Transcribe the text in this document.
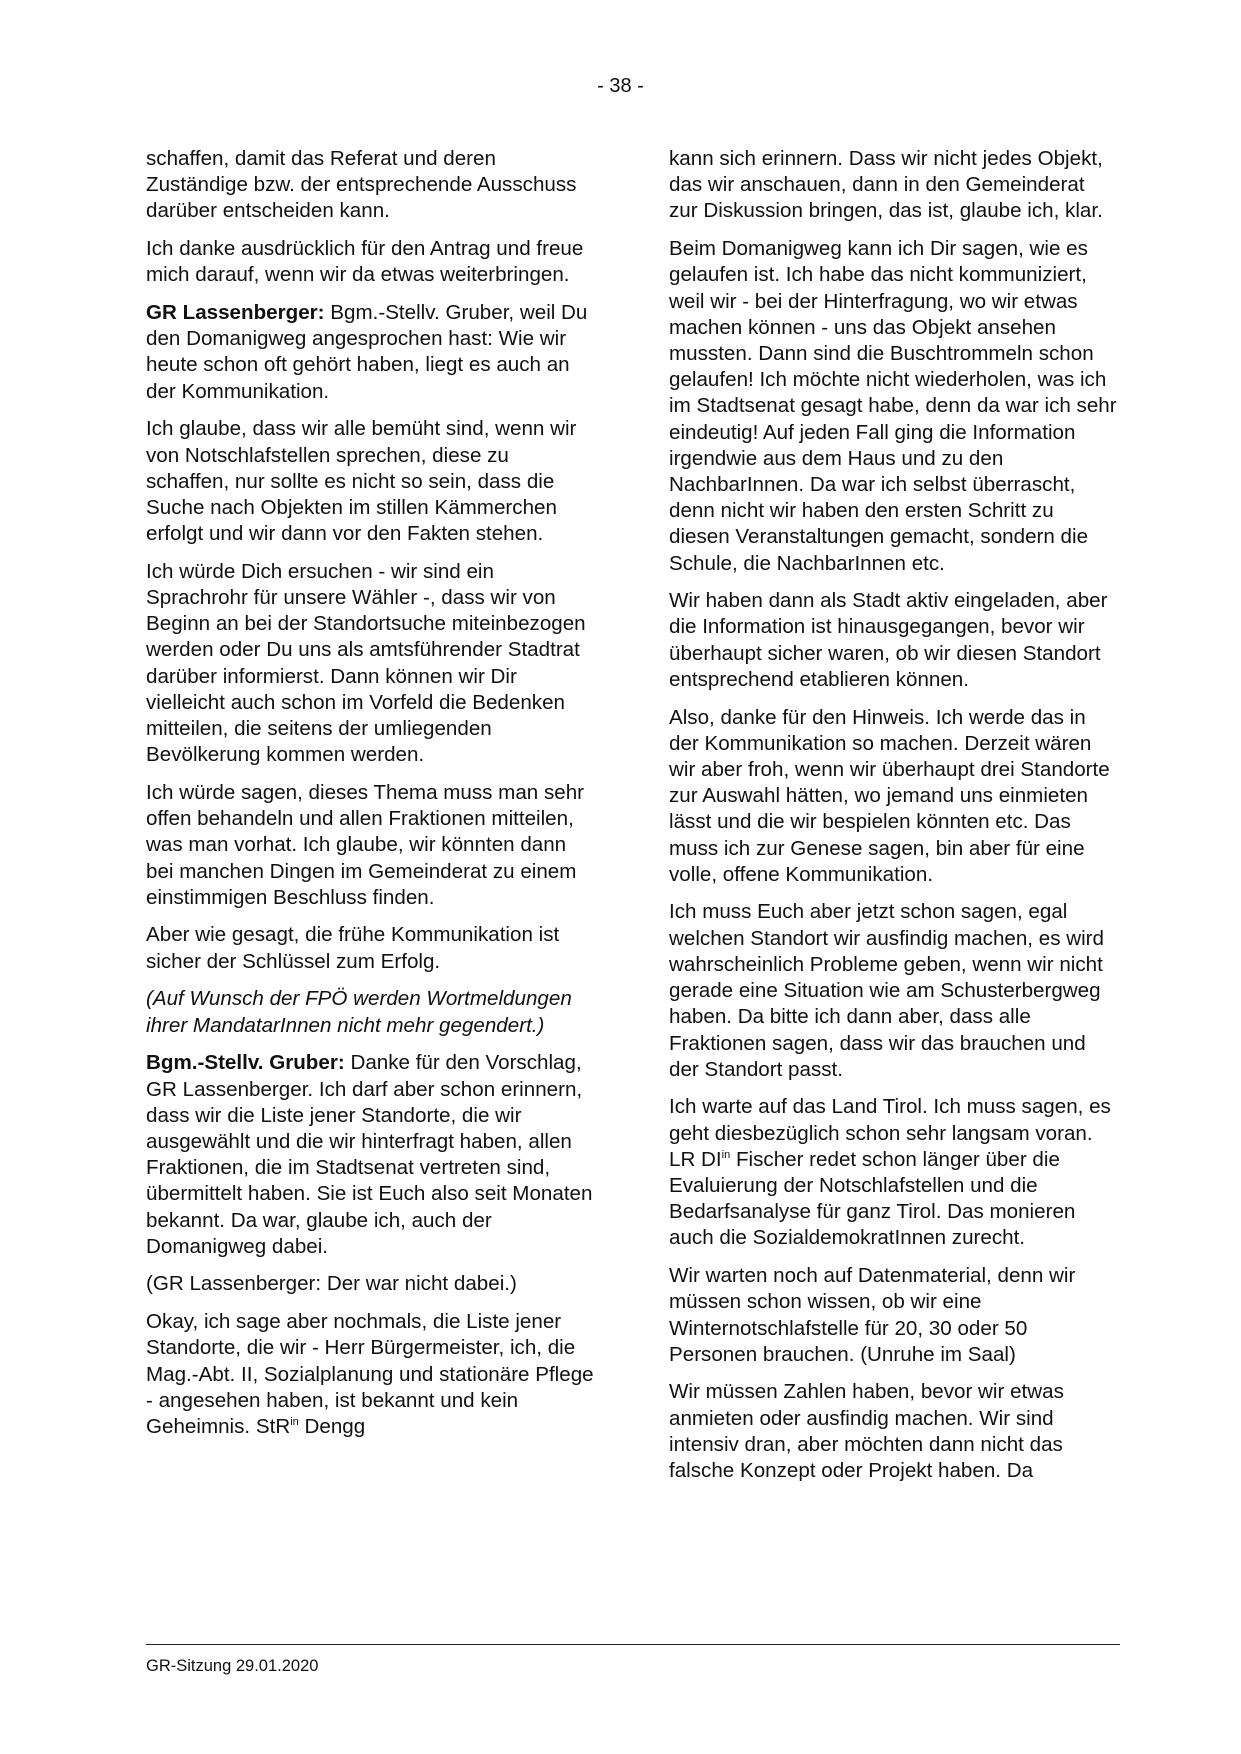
- 38 -

schaffen, damit das Referat und deren Zuständige bzw. der entsprechende Ausschuss darüber entscheiden kann.

Ich danke ausdrücklich für den Antrag und freue mich darauf, wenn wir da etwas weiterbringen.

GR Lassenberger: Bgm.-Stellv. Gruber, weil Du den Domanigweg angesprochen hast: Wie wir heute schon oft gehört haben, liegt es auch an der Kommunikation.

Ich glaube, dass wir alle bemüht sind, wenn wir von Notschlafstellen sprechen, diese zu schaffen, nur sollte es nicht so sein, dass die Suche nach Objekten im stillen Kämmerchen erfolgt und wir dann vor den Fakten stehen.

Ich würde Dich ersuchen - wir sind ein Sprachrohr für unsere Wähler -, dass wir von Beginn an bei der Standortsuche miteinbezogen werden oder Du uns als amtsführender Stadtrat darüber informierst. Dann können wir Dir vielleicht auch schon im Vorfeld die Bedenken mitteilen, die seitens der umliegenden Bevölkerung kommen werden.

Ich würde sagen, dieses Thema muss man sehr offen behandeln und allen Fraktionen mitteilen, was man vorhat. Ich glaube, wir könnten dann bei manchen Dingen im Gemeinderat zu einem einstimmigen Beschluss finden.

Aber wie gesagt, die frühe Kommunikation ist sicher der Schlüssel zum Erfolg.

(Auf Wunsch der FPÖ werden Wortmeldungen ihrer MandatarInnen nicht mehr gegendert.)

Bgm.-Stellv. Gruber: Danke für den Vorschlag, GR Lassenberger. Ich darf aber schon erinnern, dass wir die Liste jener Standorte, die wir ausgewählt und die wir hinterfragt haben, allen Fraktionen, die im Stadtsenat vertreten sind, übermittelt haben. Sie ist Euch also seit Monaten bekannt. Da war, glaube ich, auch der Domanigweg dabei.

(GR Lassenberger: Der war nicht dabei.)

Okay, ich sage aber nochmals, die Liste jener Standorte, die wir - Herr Bürgermeister, ich, die Mag.-Abt. II, Sozialplanung und stationäre Pflege - angesehen haben, ist bekannt und kein Geheimnis. StR$^{in}$ Dengg

kann sich erinnern. Dass wir nicht jedes Objekt, das wir anschauen, dann in den Gemeinderat zur Diskussion bringen, das ist, glaube ich, klar.

Beim Domanigweg kann ich Dir sagen, wie es gelaufen ist. Ich habe das nicht kommuniziert, weil wir - bei der Hinterfragung, wo wir etwas machen können - uns das Objekt ansehen mussten. Dann sind die Buschtrommeln schon gelaufen! Ich möchte nicht wiederholen, was ich im Stadtsenat gesagt habe, denn da war ich sehr eindeutig! Auf jeden Fall ging die Information irgendwie aus dem Haus und zu den NachbarInnen. Da war ich selbst überrascht, denn nicht wir haben den ersten Schritt zu diesen Veranstaltungen gemacht, sondern die Schule, die NachbarInnen etc.

Wir haben dann als Stadt aktiv eingeladen, aber die Information ist hinausgegangen, bevor wir überhaupt sicher waren, ob wir diesen Standort entsprechend etablieren können.

Also, danke für den Hinweis. Ich werde das in der Kommunikation so machen. Derzeit wären wir aber froh, wenn wir überhaupt drei Standorte zur Auswahl hätten, wo jemand uns einmieten lässt und die wir bespielen könnten etc. Das muss ich zur Genese sagen, bin aber für eine volle, offene Kommunikation.

Ich muss Euch aber jetzt schon sagen, egal welchen Standort wir ausfindig machen, es wird wahrscheinlich Probleme geben, wenn wir nicht gerade eine Situation wie am Schusterbergweg haben. Da bitte ich dann aber, dass alle Fraktionen sagen, dass wir das brauchen und der Standort passt.

Ich warte auf das Land Tirol. Ich muss sagen, es geht diesbezüglich schon sehr langsam voran. LR $DI^{in}$ Fischer redet schon länger über die Evaluierung der Notschlafstellen und die Bedarfsanalyse für ganz Tirol. Das monieren auch die SozialdemokratInnen zurecht.

Wir warten noch auf Datenmaterial, denn wir müssen schon wissen, ob wir eine Winternotschlafstelle für 20, 30 oder 50 Personen brauchen. (Unruhe im Saal)

Wir müssen Zahlen haben, bevor wir etwas anmieten oder ausfindig machen. Wir sind intensiv dran, aber möchten dann nicht das falsche Konzept oder Projekt haben. Da

GR-Sitzung 29.01.2020
